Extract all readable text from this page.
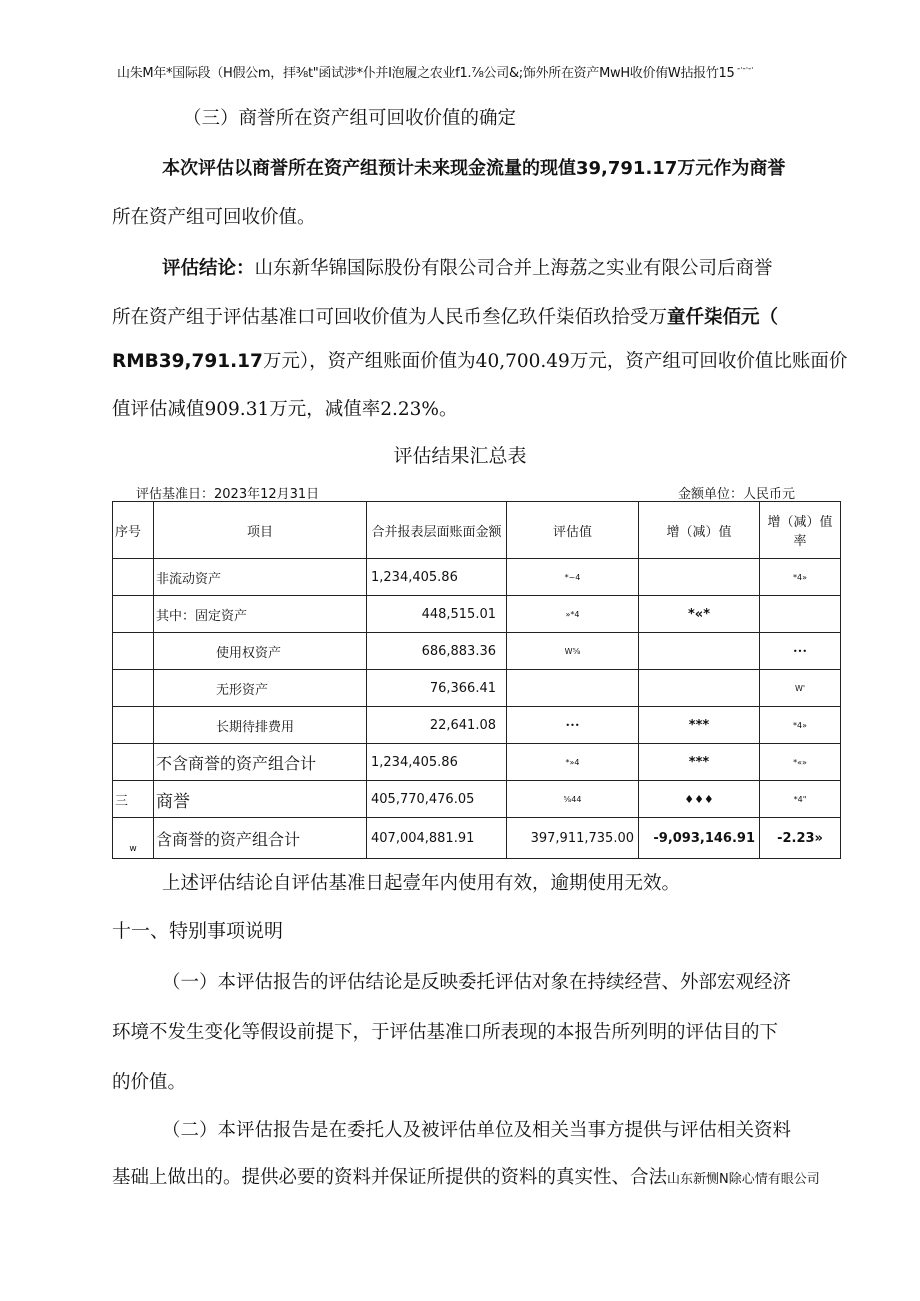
山朱M年*国际段（H假公m，拝⅜t"函试涉*仆并I泡履之农业f1.⅞公司&;饰外所在资产MwH收价侑W拈报竹15 -·-·-·
（三）商誉所在资产组可回收价值的确定
本次评估以商誉所在资产组预计未来现金流量的现值39,791.17万元作为商誉
所在资产组可回收价值。
评估结论：山东新华锦国际股份有限公司合并上海荔之实业有限公司后商誉
所在资产组于评估基准口可回收价值为人民币叁亿玖仟柒佰玖拾受万童仟柒佰元（
RMB39,791.17万元），资产组账面价值为40,700.49万元，资产组可回收价值比账面价
值评估减值909.31万元，减值率2.23%。
评估结果汇总表
评估基准日：2023年12月31日	金额单位：人民币元
序号	项目	合并报表层面账面金额	评估值	增（减）值	增（减）值率
	非流动资产	1,234,405.86	*~4		*4»
	其中：固定资产	448,515.01	»*4	*«*	
	使用权资产	686,883.36	W⅝		•••
	无形资产	76,366.41			W'
	长期待排费用	22,641.08	•••	***	*4»
	不含商誉的资产组合计	1,234,405.86	*»4	***	*«»
三	商誉	405,770,476.05	⅝44	♦♦♦	*4"
w	含商誉的资产组合计	407,004,881.91	397,911,735.00	-9,093,146.91	-2.23»
上述评估结论自评估基准日起壹年内使用有效，逾期使用无效。
十一、特别事项说明
（一）本评估报告的评估结论是反映委托评估对象在持续经营、外部宏观经济
环境不发生变化等假设前提下，于评估基准口所表现的本报告所列明的评估目的下
的价值。
（二）本评估报告是在委托人及被评估单位及相关当事方提供与评估相关资料
基础上做出的。提供必要的资料并保证所提供的资料的真实性、合法山东新恻N除心情有眼公司
